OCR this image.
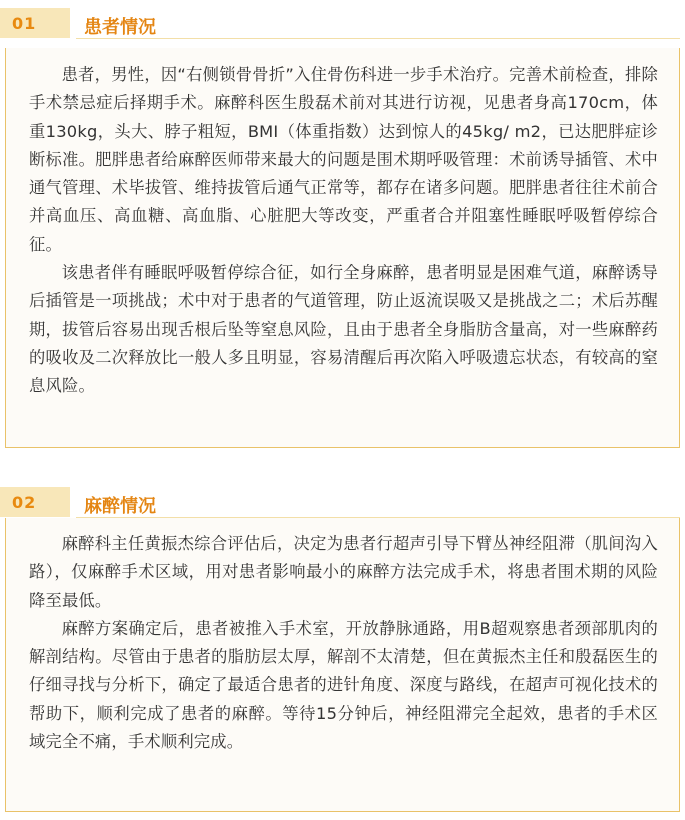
01	患者情况

患者，男性，因“右侧锁骨骨折”入住骨伤科进一步手术治疗。完善术前检查，排除手术禁忌症后择期手术。麻醉科医生殷磊术前对其进行访视，见患者身高170cm，体重130kg，头大、脖子粗短，BMI（体重指数）达到惊人的45kg/ m2，已达肥胖症诊断标准。肥胖患者给麻醉医师带来最大的问题是围术期呼吸管理：术前诱导插管、术中通气管理、术毕拔管、维持拔管后通气正常等，都存在诸多问题。肥胖患者往往术前合并高血压、高血糖、高血脂、心脏肥大等改变，严重者合并阻塞性睡眠呼吸暂停综合征。

该患者伴有睡眠呼吸暂停综合征，如行全身麻醉，患者明显是困难气道，麻醉诱导后插管是一项挑战；术中对于患者的气道管理，防止返流误吸又是挑战之二；术后苏醒期，拔管后容易出现舌根后坠等窒息风险，且由于患者全身脂肪含量高，对一些麻醉药的吸收及二次释放比一般人多且明显，容易清醒后再次陷入呼吸遗忘状态，有较高的窒息风险。

02	麻醉情况

麻醉科主任黄振杰综合评估后，决定为患者行超声引导下臂丛神经阻滞（肌间沟入路），仅麻醉手术区域，用对患者影响最小的麻醉方法完成手术，将患者围术期的风险降至最低。

麻醉方案确定后，患者被推入手术室，开放静脉通路，用B超观察患者颈部肌肉的解剖结构。尽管由于患者的脂肪层太厚，解剖不太清楚，但在黄振杰主任和殷磊医生的仔细寻找与分析下，确定了最适合患者的进针角度、深度与路线，在超声可视化技术的帮助下，顺利完成了患者的麻醉。等待15分钟后，神经阻滞完全起效，患者的手术区域完全不痛，手术顺利完成。
